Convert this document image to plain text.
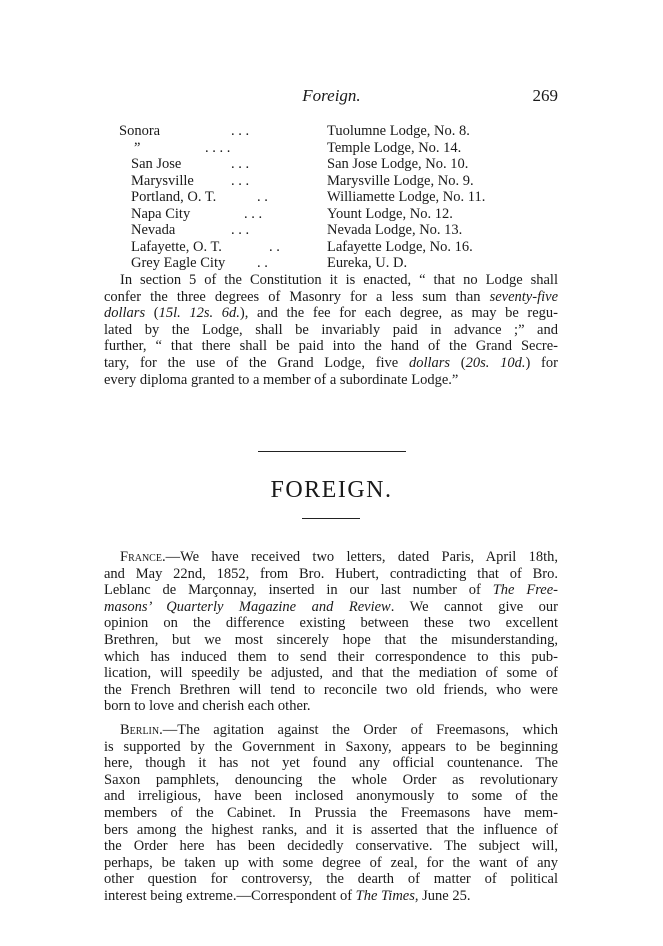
Foreign.	269
Sonora	. . .	Tuolumne Lodge, No. 8.
”	. . . .	Temple Lodge, No. 14.
San Jose	. . .	San Jose Lodge, No. 10.
Marysville	. . .	Marysville Lodge, No. 9.
Portland, O. T.	. .	Williamette Lodge, No. 11.
Napa City	. . .	Yount Lodge, No. 12.
Nevada	. . .	Nevada Lodge, No. 13.
Lafayette, O. T.	. .	Lafayette Lodge, No. 16.
Grey Eagle City . .	Eureka, U. D.

In section 5 of the Constitution it is enacted, “ that no Lodge shall
confer the three degrees of Masonry for a less sum than seventy-five
dollars (15l. 12s. 6d.), and the fee for each degree, as may be regu-
lated by the Lodge, shall be invariably paid in advance ;” and
further, “ that there shall be paid into the hand of the Grand Secre-
tary, for the use of the Grand Lodge, five dollars (20s. 10d.) for
every diploma granted to a member of a subordinate Lodge.”

FOREIGN.

France.—We have received two letters, dated Paris, April 18th,
and May 22nd, 1852, from Bro. Hubert, contradicting that of Bro.
Leblanc de Marçonnay, inserted in our last number of The Free-
masons’ Quarterly Magazine and Review. We cannot give our
opinion on the difference existing between these two excellent
Brethren, but we most sincerely hope that the misunderstanding,
which has induced them to send their correspondence to this pub-
lication, will speedily be adjusted, and that the mediation of some of
the French Brethren will tend to reconcile two old friends, who were
born to love and cherish each other.

Berlin.—The agitation against the Order of Freemasons, which
is supported by the Government in Saxony, appears to be beginning
here, though it has not yet found any official countenance. The
Saxon pamphlets, denouncing the whole Order as revolutionary
and irreligious, have been inclosed anonymously to some of the
members of the Cabinet. In Prussia the Freemasons have mem-
bers among the highest ranks, and it is asserted that the influence of
the Order here has been decidedly conservative. The subject will,
perhaps, be taken up with some degree of zeal, for the want of any
other question for controversy, the dearth of matter of political
interest being extreme.—Correspondent of The Times, June 25.
